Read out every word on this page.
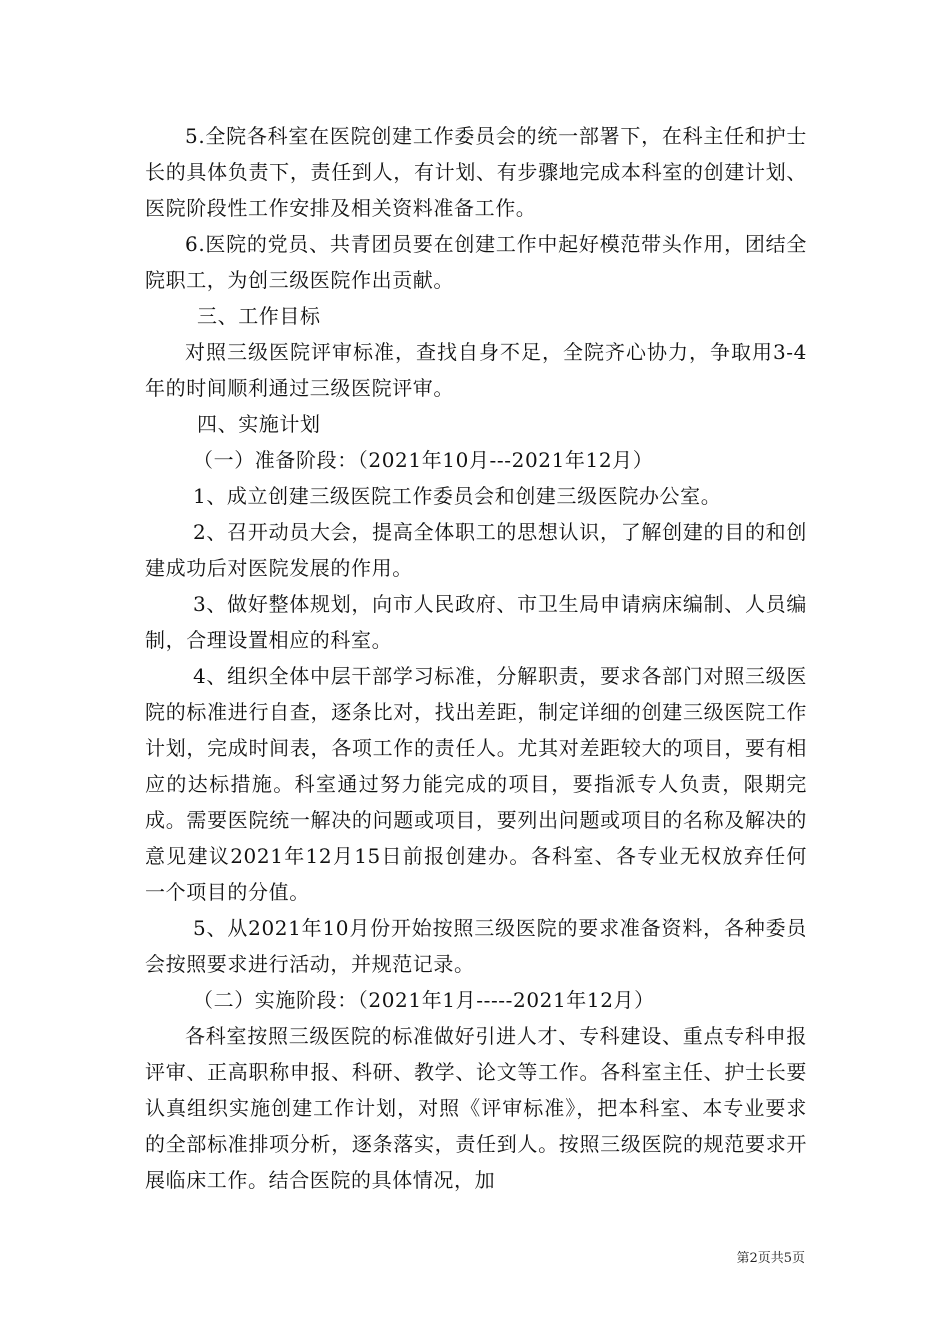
5.全院各科室在医院创建工作委员会的统一部署下，在科主任和护士长的具体负责下，责任到人，有计划、有步骤地完成本科室的创建计划、医院阶段性工作安排及相关资料准备工作。

6.医院的党员、共青团员要在创建工作中起好模范带头作用，团结全院职工，为创三级医院作出贡献。

三、工作目标

对照三级医院评审标准，查找自身不足，全院齐心协力，争取用3-4年的时间顺利通过三级医院评审。

四、实施计划

（一）准备阶段：（2021年10月---2021年12月）

1、成立创建三级医院工作委员会和创建三级医院办公室。

2、召开动员大会，提高全体职工的思想认识，了解创建的目的和创建成功后对医院发展的作用。

3、做好整体规划，向市人民政府、市卫生局申请病床编制、人员编制，合理设置相应的科室。

4、组织全体中层干部学习标准，分解职责，要求各部门对照三级医院的标准进行自查，逐条比对，找出差距，制定详细的创建三级医院工作计划，完成时间表，各项工作的责任人。尤其对差距较大的项目，要有相应的达标措施。科室通过努力能完成的项目，要指派专人负责，限期完成。需要医院统一解决的问题或项目，要列出问题或项目的名称及解决的意见建议2021年12月15日前报创建办。各科室、各专业无权放弃任何一个项目的分值。

5、从2021年10月份开始按照三级医院的要求准备资料，各种委员会按照要求进行活动，并规范记录。

（二）实施阶段：（2021年1月-----2021年12月）

各科室按照三级医院的标准做好引进人才、专科建设、重点专科申报评审、正高职称申报、科研、教学、论文等工作。各科室主任、护士长要认真组织实施创建工作计划，对照《评审标准》，把本科室、本专业要求的全部标准排项分析，逐条落实，责任到人。按照三级医院的规范要求开展临床工作。结合医院的具体情况，加

第2页共5页
